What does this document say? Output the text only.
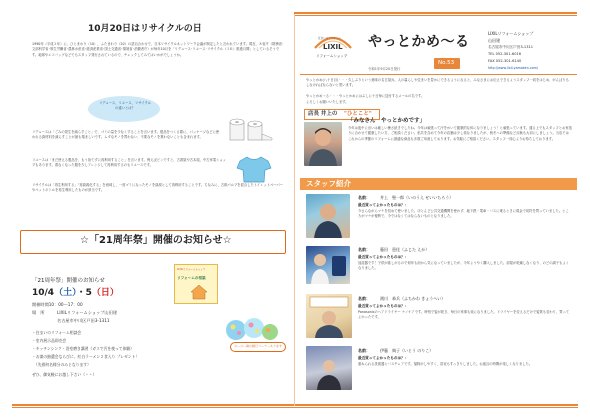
10月20日はリサイクルの日
1990年（平成２年）に、ひとまわり（10），ふたまわり（20）の語呂合わせで、日本リサイクルネットワーク会議が制定したと言われています。現在、８省庁（財務省･文部科学省･厚生労働省･農林水産省･経済産業省･国土交通省･環境省･消費者庁）が毎年10月を「リデュース･リユース･リサイクル（３Ｒ）推進月間」としているそうです。地球やエコバッグなどでもスタッフ発行されているので、チェックしてみてはいかがでしょうか。
リデュース、リユース、リサイクルの違いとは？
リデュースは「ごみの発生を減らすこと」で、ゴミの量を少なくすることを言います。製品をつくる際に、パッケージなどに使われる資材料を減らすことが最も環ましいです。ムダなモノを買わない、不要なモノを貰わないことも含まれます。
リユースは「まだ使える製品を、もう捨てずに再利用すること」を言います。例えばビンですと、古着屋や古本屋、中古家電ショップもあります。着なくなった服を少しアレンジして再利用するのもリユースです。
リサイクルは「再生利用する」「再資源化する」を意味し、一度ゴミになったモノを資源として再利用することです。ちなみに、古紙パルプを混合したトイレットペーパーやペットボトルを再生利用したものが該当です。
☆「21周年祭」開催のお知らせ☆
「21周年祭」開催のお知らせ
10/4（土）・5（日）
開催時間10：00～17：00
場　所	LIXILリフォームショップ山田建
名古屋市中川区戸田3-1311
・住まいのリフォーム相談会
・室内展示品即売会
・キッチンシンク・浴室磨き講習（ガスで汚を使って体験）
・お楽の抽選会ならびに、紅白ラーメン２食入り プレゼント！
　（先着何名様分のみとなります）
ぜひ、御気軽にお越し下さい（＾＾）
LIXILリフォームショップ
リフォームの相談
ヨーヨー掬の縁日コーナーあります
住まいのリフォーム
LIXIL
リフォームショップ
やっとかめ～る
No.53
令和1年9月20日発行
LIXILリフォームショップ
山田建
名古屋市中川区戸田3-1311
TEL 052-301-6016
FAX 052-301-6140
http://www.lixil-yamaken.com/
やっとかめ(八十日目)・・・久しぶりという意味の名古屋弁。人の暮らしや住まいを豊かにできるようになると、みなさまにお伝えできるようスタッフ一同をはじめ、がんばりもしなければならないと思います。
やっとかめ～る・・・やっとかめにはぶしに十日毎に送付するメールの名です。
よろしくお願いいたします。
店長 井上の "ひとこと"
「みなさん　やっとかめです」
今年は夜中に出いは厳しい暑さ続きでしたね。今年は頑張って汗をかいて健康的な体になりましょう！と頑張っています。通る上でもスタッフとお家造りに合わせて健康したい方、ご相談ください。私共を含めて今年の店舗は少し楽なりましたが、秋冬への準備など点検も大切にしましょう。当店ではこれからの季節のリフォームに最適な商品も多数ご用意しております。お気軽にご相談ください。スタッフ一同心よりお待ちしております。
スタッフ紹介
名前：	井上　聖一郎（いのうえ せいいちろう）
最近買ってよかったものは？：
今さらながらマナを初めて使いました。ほとんど公共交通機関を使わず、地下鉄・電車・バスに乗るときに現金で切符を買っていました。ところがマナが便利で、今ではなくてはならないものとなりました。
名前：	藤田　恵佳（ふじた えか）
最近買ってよかったものは？：
加湿器です！子供が欲しがるので何年も前から気になっていましたが、今年ようやく購入しました。部屋が乾燥しなくなり、のどの調子もよくなりました。
名前：	渕川　恭兵（ふちかわ きょうへい）
最近買ってよかったものは？：
Panasonicのヘアドライヤー ナノケアです。時短で髪が乾き、毎日の家事も楽になりました。ドライヤーを変えるだけで髪質も変わり、買ってよかったです。
名前：	伊藤　典子（いとう のりこ）
最近買ってよかったものは？：
重ねられる洗面器とバスチェアです。掃除がしやすく、浴室もすっきりしました。お風呂の時間が楽しくなりました。
